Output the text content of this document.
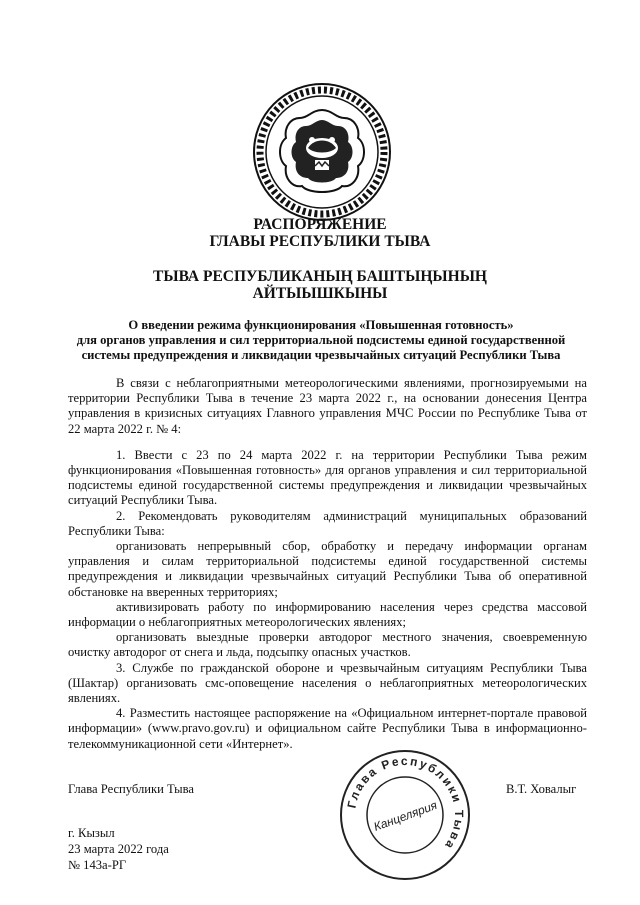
РАСПОРЯЖЕНИЕ

ГЛАВЫ РЕСПУБЛИКИ ТЫВА

ТЫВА РЕСПУБЛИКАНЫҢ БАШТЫҢЫНЫҢ

АЙТЫЫШКЫНЫ

О введении режима функционирования «Повышенная готовность»

для органов управления и сил территориальной подсистемы единой государственной

системы предупреждения и ликвидации чрезвычайных ситуаций Республики Тыва

В связи с неблагоприятными метеорологическими явлениями, прогнозируемыми на территории Республики Тыва в течение 23 марта 2022 г., на основании донесения Центра управления в кризисных ситуациях Главного управления МЧС России по Республике Тыва от 22 марта 2022 г. № 4:

1. Ввести с 23 по 24 марта 2022 г. на территории Республики Тыва режим функционирования «Повышенная готовность» для органов управления и сил территориальной подсистемы единой государственной системы предупреждения и ликвидации чрезвычайных ситуаций Республики Тыва.

2. Рекомендовать руководителям администраций муниципальных образований Республики Тыва:

организовать непрерывный сбор, обработку и передачу информации органам управления и силам территориальной подсистемы единой государственной системы предупреждения и ликвидации чрезвычайных ситуаций Республики Тыва об оперативной обстановке на вверенных территориях;

активизировать работу по информированию населения через средства массовой информации о неблагоприятных метеорологических явлениях;

организовать выездные проверки автодорог местного значения, своевременную очистку автодорог от снега и льда, подсыпку опасных участков.

3. Службе по гражданской обороне и чрезвычайным ситуациям Республики Тыва (Шактар) организовать смс-оповещение населения о неблагоприятных метеорологических явлениях.

4. Разместить настоящее распоряжение на «Официальном интернет-портале правовой информации» (www.pravo.gov.ru) и официальном сайте Республики Тыва в информационно-телекоммуникационной сети «Интернет».

Глава Республики Тыва	В.Т. Ховалыг
Глава Республики Тыва
Канцелярия
г. Кызыл
23 марта 2022 года
№ 143а-РГ
